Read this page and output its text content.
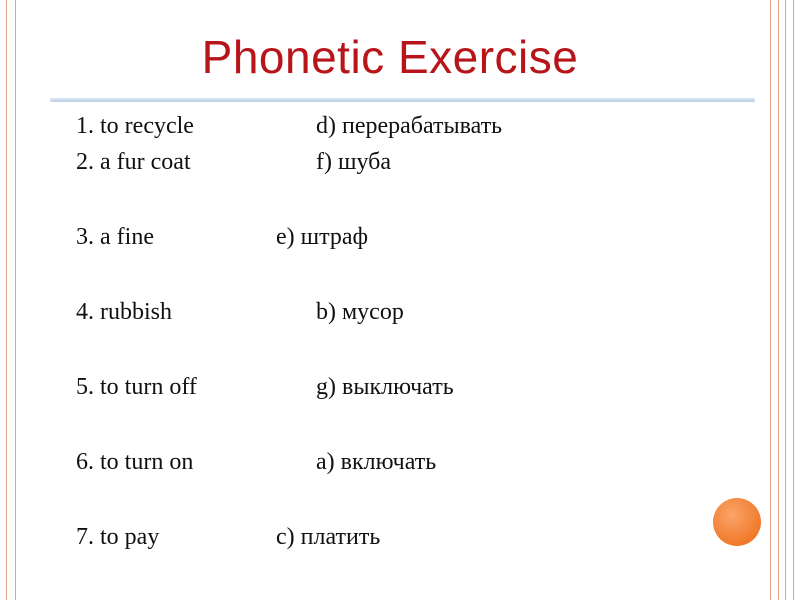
Phonetic Exercise
1. to recycle	d) перерабатывать
2. a fur coat	f) шуба
3. a fine	e) штраф
4. rubbish	b) мусор
5. to turn off	g) выключать
6. to turn on	a) включать
7. to pay	c) платить
